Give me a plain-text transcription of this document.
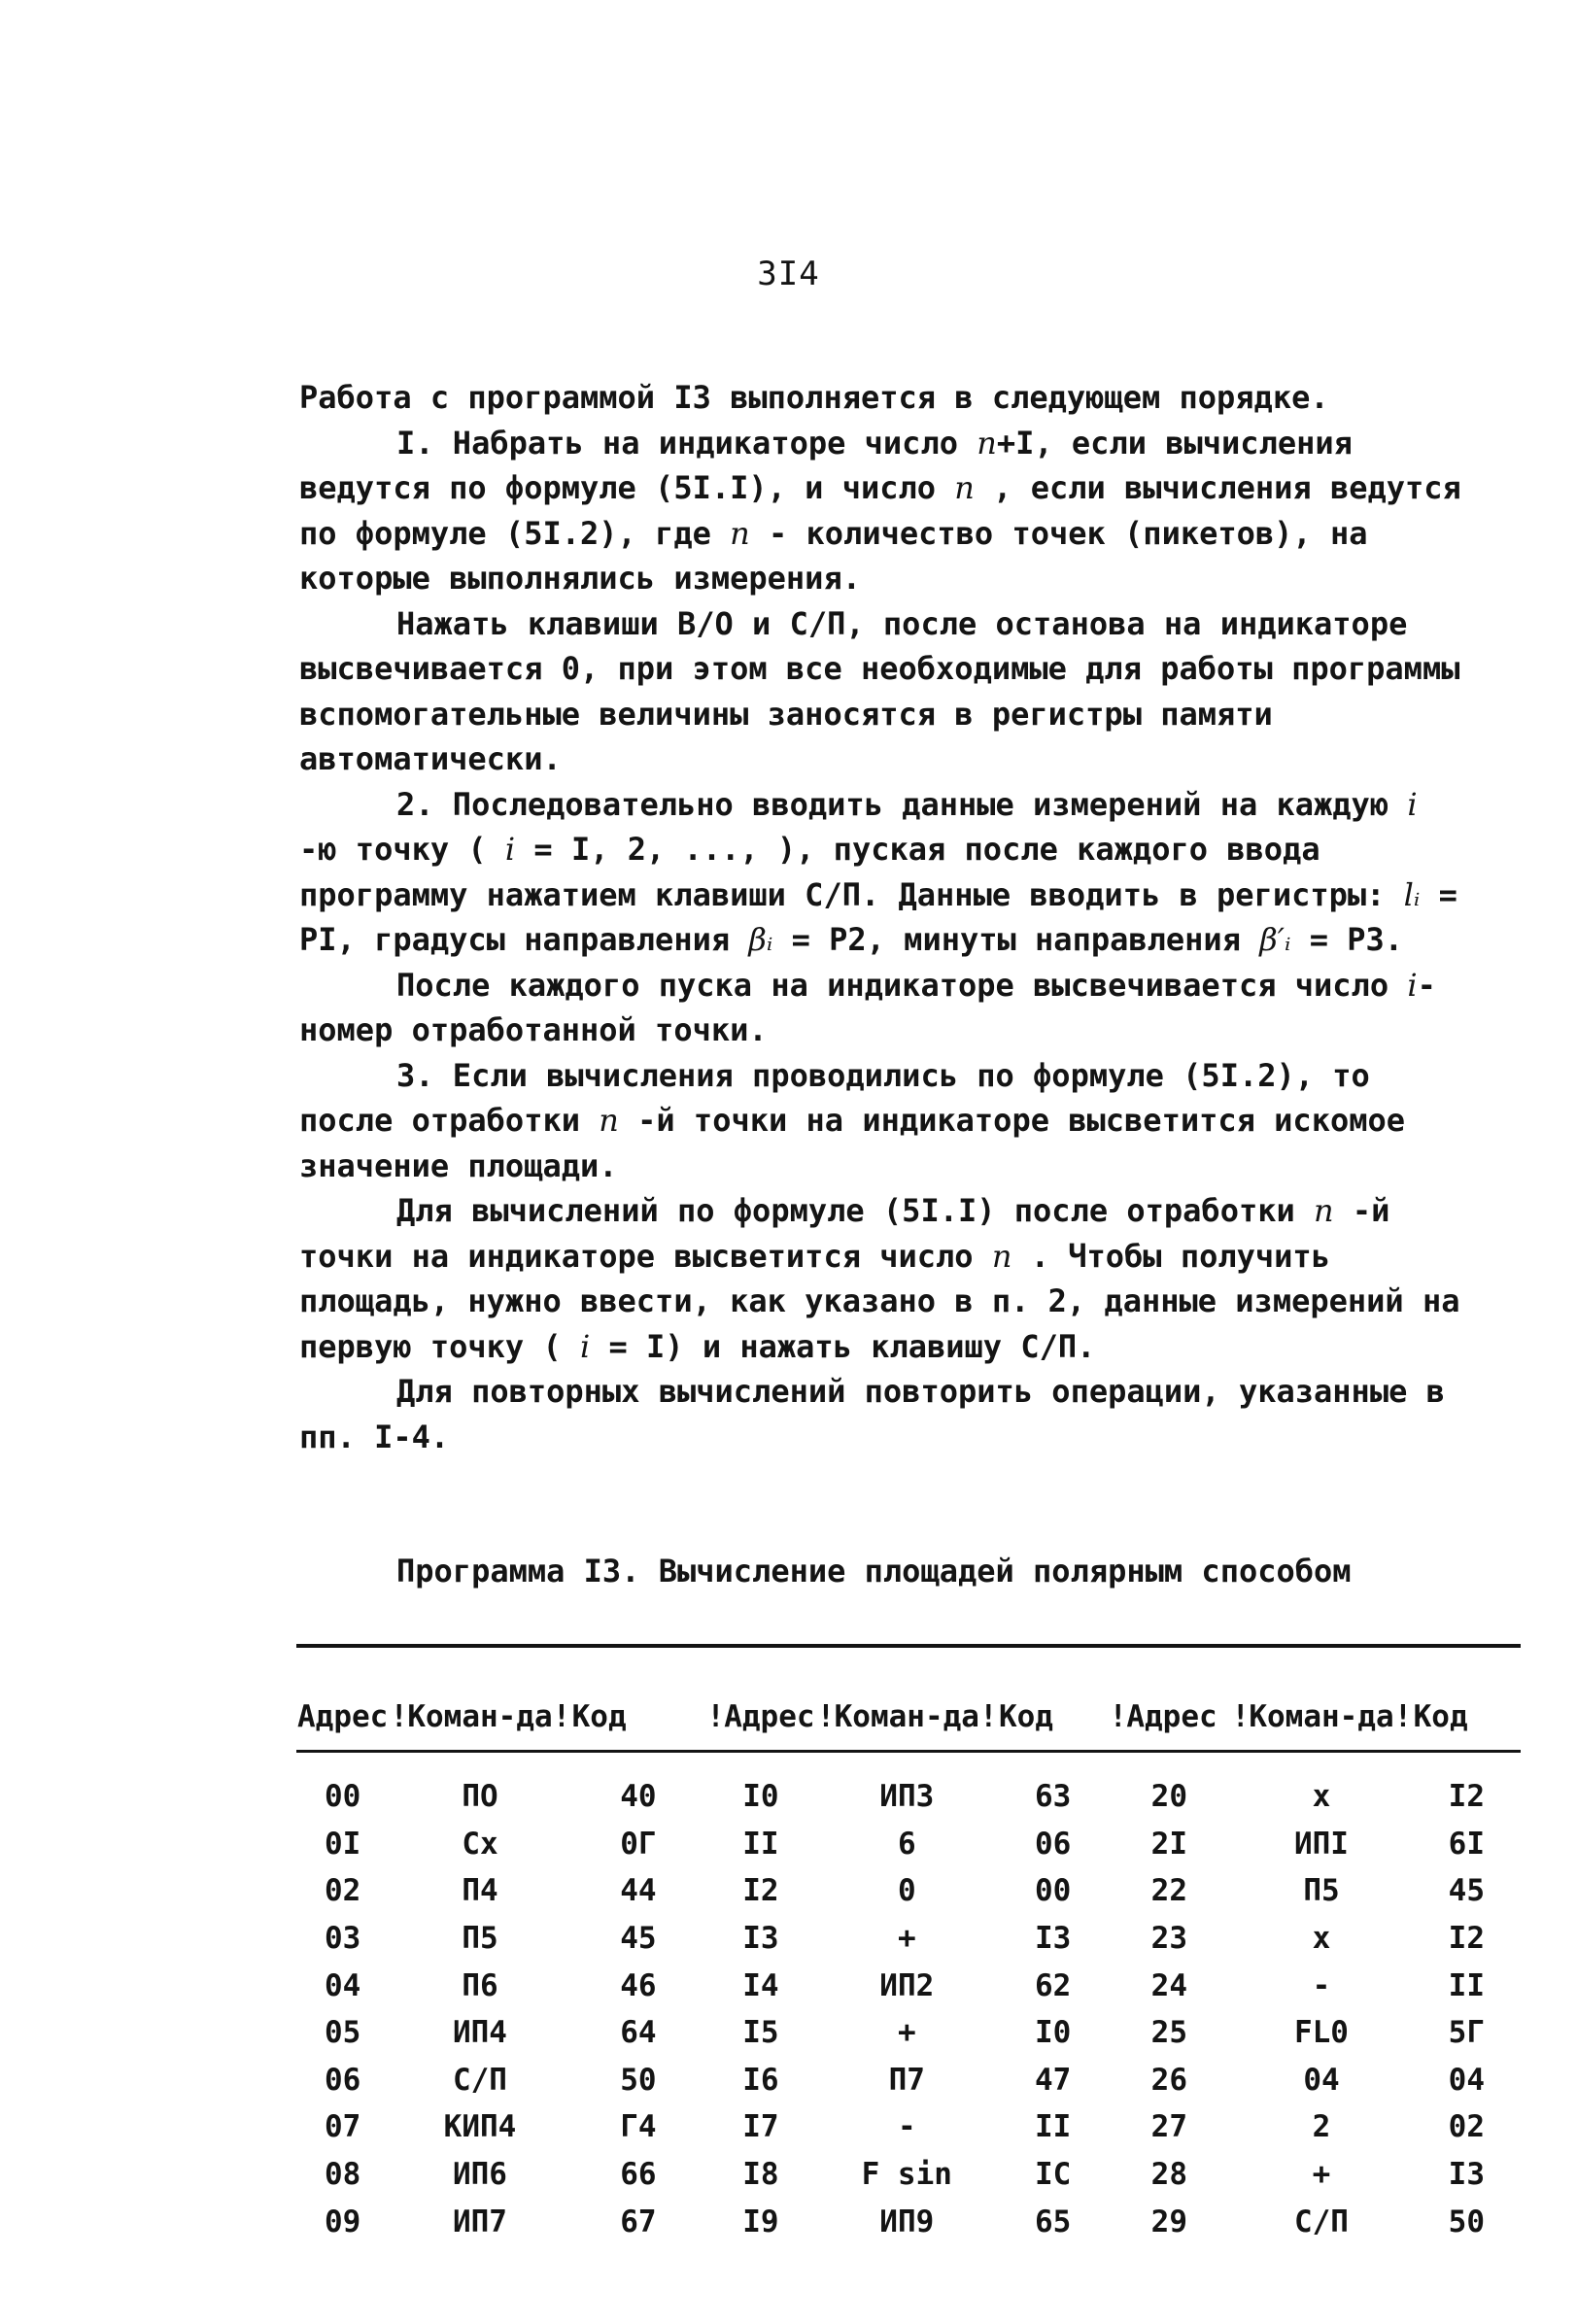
3I4

Работа с программой I3 выполняется в следующем порядке.

I. Набрать на индикаторе число n+I, если вычисления ведутся по формуле (5I.I), и число n , если вычисления ведутся по формуле (5I.2), где n - количество точек (пикетов), на которые выполнялись измерения.

Нажать клавиши В/О и С/П, после останова на индикаторе высвечивается 0, при этом все необходимые для работы программы вспомогательные величины заносятся в регистры памяти автоматически.

2. Последовательно вводить данные измерений на каждую i -ю точку ( i = I, 2, ..., ), пуская после каждого ввода программу нажатием клавиши С/П. Данные вводить в регистры: lᵢ = PI, градусы направления βᵢ = P2, минуты направления β′ᵢ = P3.

После каждого пуска на индикаторе высвечивается число i- номер отработанной точки.

3. Если вычисления проводились по формуле (5I.2), то после отработки n -й точки на индикаторе высветится искомое значение площади.

Для вычислений по формуле (5I.I) после отработки n -й точки на индикаторе высветится число n . Чтобы получить площадь, нужно ввести, как указано в п. 2, данные измерений на первую точку ( i = I) и нажать клавишу С/П.

Для повторных вычислений повторить операции, указанные в пп. I-4.

Программа I3. Вычисление площадей полярным способом
Адрес	!Коман-да!	Код	!Адрес	!Коман-да!	Код	!Адрес	!Коман-да!	Код

00	ПО	40	I0	ИП3	63	20	x	I2
0I	Cx	0Г	II	6	06	2I	ИПI	6I
02	П4	44	I2	0	00	22	П5	45
03	П5	45	I3	+	I3	23	x	I2
04	П6	46	I4	ИП2	62	24	-	II
05	ИП4	64	I5	+	I0	25	FL0	5Г
06	С/П	50	I6	П7	47	26	04	04
07	КИП4	Г4	I7	-	II	27	2	02
08	ИП6	66	I8	F sin	IC	28	+	I3
09	ИП7	67	I9	ИП9	65	29	С/П	50
